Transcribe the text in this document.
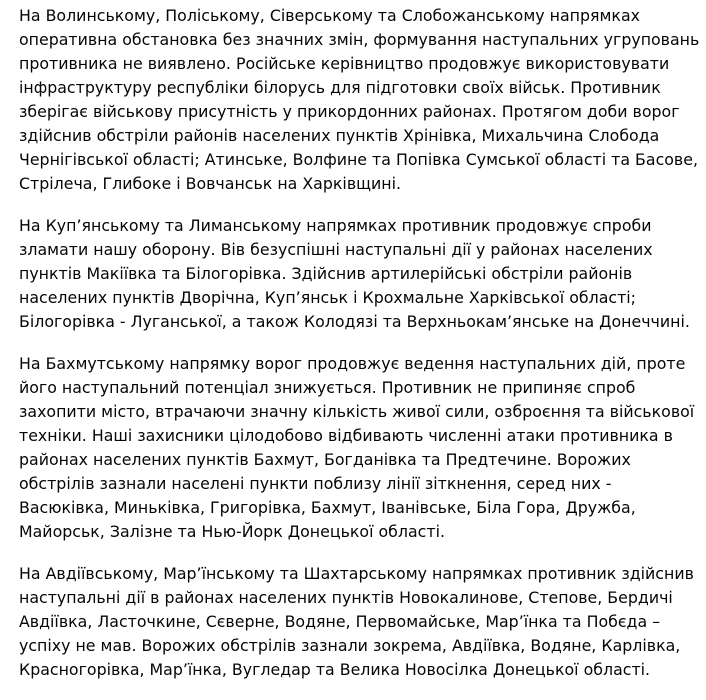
На Волинському, Поліському, Сіверському та Слобожанському напрямках
оперативна обстановка без значних змін, формування наступальних угруповань
противника не виявлено. Російське керівництво продовжує використовувати
інфраструктуру республіки білорусь для підготовки своїх військ. Противник
зберігає військову присутність у прикордонних районах. Протягом доби ворог
здійснив обстріли районів населених пунктів Хрінівка, Михальчина Слобода
Чернігівської області; Атинське, Волфине та Попівка Сумської області та Басове,
Стрілеча, Глибоке і Вовчанськ на Харківщині.

На Куп’янському та Лиманському напрямках противник продовжує спроби
зламати нашу оборону. Вів безуспішні наступальні дії у районах населених
пунктів Макіївка та Білогорівка. Здійснив артилерійські обстріли районів
населених пунктів Дворічна, Куп’янськ і Крохмальне Харківської області;
Білогорівка - Луганської, а також Колодязі та Верхньокам’янське на Донеччині.

На Бахмутському напрямку ворог продовжує ведення наступальних дій, проте
його наступальний потенціал знижується. Противник не припиняє спроб
захопити місто, втрачаючи значну кількість живої сили, озброєння та військової
техніки. Наші захисники цілодобово відбивають численні атаки противника в
районах населених пунктів Бахмут, Богданівка та Предтечине. Ворожих
обстрілів зазнали населені пункти поблизу лінії зіткнення, серед них -
Васюківка, Миньківка, Григорівка, Бахмут, Іванівське, Біла Гора, Дружба,
Майорськ, Залізне та Нью-Йорк Донецької області.

На Авдіївському, Мар’їнському та Шахтарському напрямках противник здійснив
наступальні дії в районах населених пунктів Новокалинове, Степове, Бердичі
Авдіївка, Ласточкине, Сєверне, Водяне, Первомайське, Мар’їнка та Побєда –
успіху не мав. Ворожих обстрілів зазнали зокрема, Авдіївка, Водяне, Карлівка,
Красногорівка, Мар’їнка, Вугледар та Велика Новосілка Донецької області.
